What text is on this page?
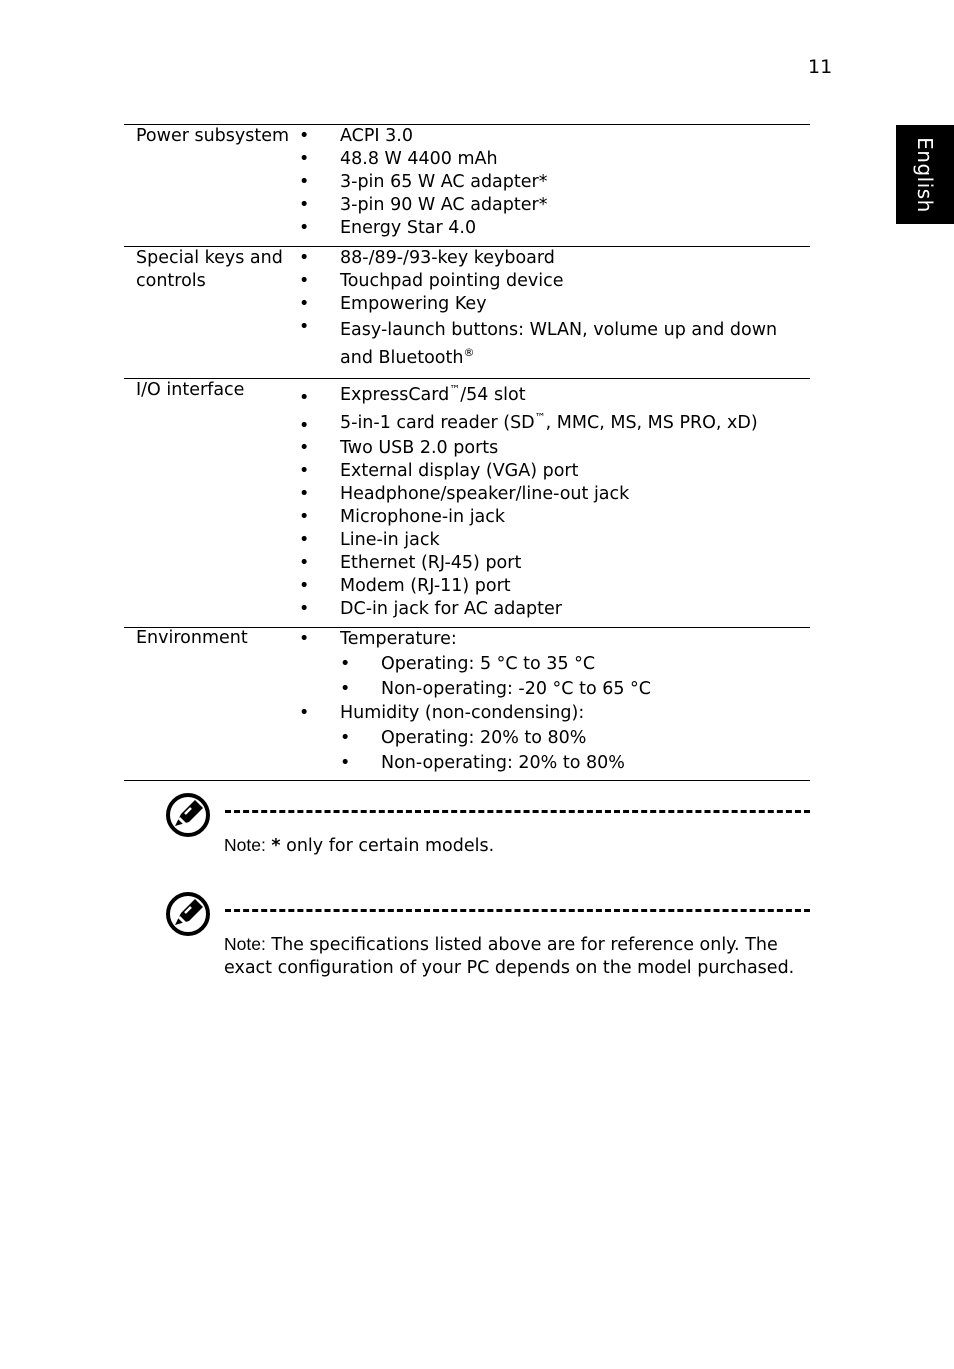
11
English
Power subsystem • ACPI 3.0
• 48.8 W 4400 mAh
• 3-pin 65 W AC adapter*
• 3-pin 90 W AC adapter*
• Energy Star 4.0
Special keys and controls
• 88-/89-/93-key keyboard
• Touchpad pointing device
• Empowering Key
• Easy-launch buttons: WLAN, volume up and down and Bluetooth®
I/O interface	• ExpressCard™/54 slot
• 5-in-1 card reader (SD™, MMC, MS, MS PRO, xD)
• Two USB 2.0 ports
• External display (VGA) port
• Headphone/speaker/line-out jack
• Microphone-in jack
• Line-in jack
• Ethernet (RJ-45) port
• Modem (RJ-11) port
• DC-in jack for AC adapter
Environment	• Temperature:
• Operating: 5 °C to 35 °C
• Non-operating: -20 °C to 65 °C
• Humidity (non-condensing):
• Operating: 20% to 80%
• Non-operating: 20% to 80%
Note: * only for certain models.
Note: The specifications listed above are for reference only. The exact configuration of your PC depends on the model purchased.
